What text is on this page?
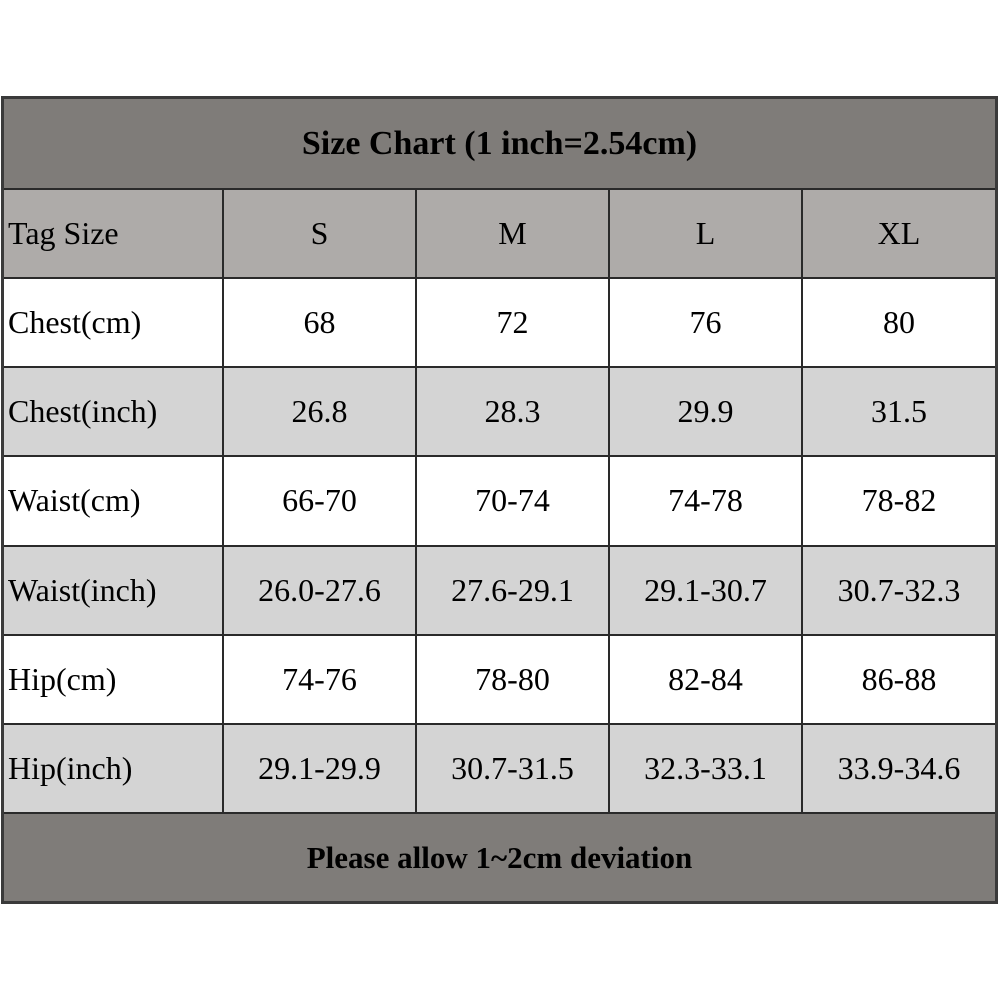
Size Chart (1 inch=2.54cm)
Tag Size	S	M	L	XL
Chest(cm)	68	72	76	80
Chest(inch)	26.8	28.3	29.9	31.5
Waist(cm)	66-70	70-74	74-78	78-82
Waist(inch)	26.0-27.6	27.6-29.1	29.1-30.7	30.7-32.3
Hip(cm)	74-76	78-80	82-84	86-88
Hip(inch)	29.1-29.9	30.7-31.5	32.3-33.1	33.9-34.6
Please allow 1~2cm deviation
